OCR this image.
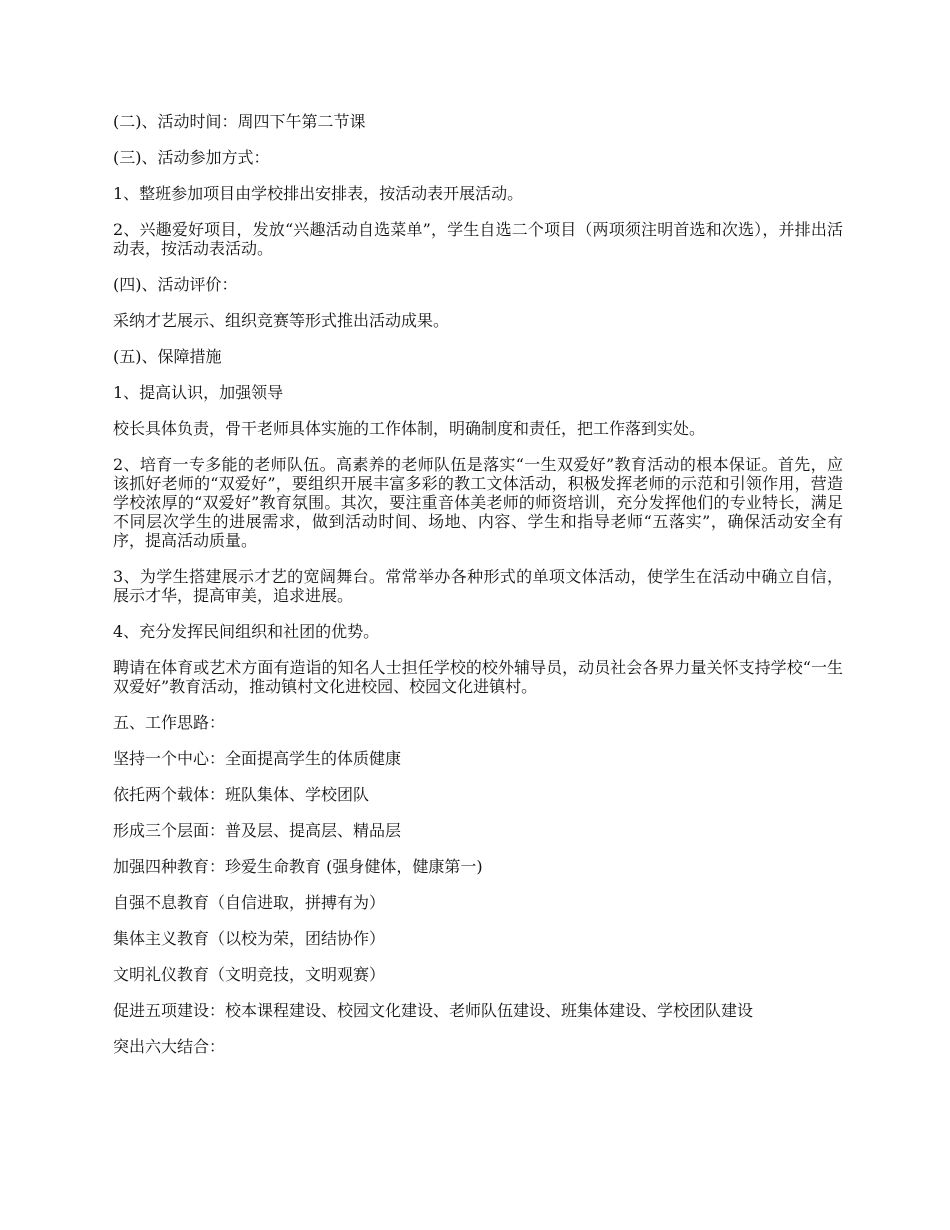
(二)、活动时间：周四下午第二节课

(三)、活动参加方式：

1、整班参加项目由学校排出安排表，按活动表开展活动。

2、兴趣爱好项目，发放“兴趣活动自选菜单”，学生自选二个项目（两项须注明首选和次选），并排出活动表，按活动表活动。

(四)、活动评价：

采纳才艺展示、组织竞赛等形式推出活动成果。

(五)、保障措施

1、提高认识，加强领导

校长具体负责，骨干老师具体实施的工作体制，明确制度和责任，把工作落到实处。

2、培育一专多能的老师队伍。高素养的老师队伍是落实“一生双爱好”教育活动的根本保证。首先，应该抓好老师的“双爱好”，要组织开展丰富多彩的教工文体活动，积极发挥老师的示范和引领作用，营造学校浓厚的“双爱好”教育氛围。其次，要注重音体美老师的师资培训，充分发挥他们的专业特长，满足不同层次学生的进展需求，做到活动时间、场地、内容、学生和指导老师“五落实”，确保活动安全有序，提高活动质量。

3、为学生搭建展示才艺的宽阔舞台。常常举办各种形式的单项文体活动，使学生在活动中确立自信，展示才华，提高审美，追求进展。

4、充分发挥民间组织和社团的优势。

聘请在体育或艺术方面有造诣的知名人士担任学校的校外辅导员，动员社会各界力量关怀支持学校“一生双爱好”教育活动，推动镇村文化进校园、校园文化进镇村。

五、工作思路：

坚持一个中心：全面提高学生的体质健康

依托两个载体：班队集体、学校团队

形成三个层面：普及层、提高层、精品层

加强四种教育：珍爱生命教育 (强身健体，健康第一)

自强不息教育（自信进取，拼搏有为）

集体主义教育（以校为荣，团结协作）

文明礼仪教育（文明竞技，文明观赛）

促进五项建设：校本课程建设、校园文化建设、老师队伍建设、班集体建设、学校团队建设

突出六大结合：
